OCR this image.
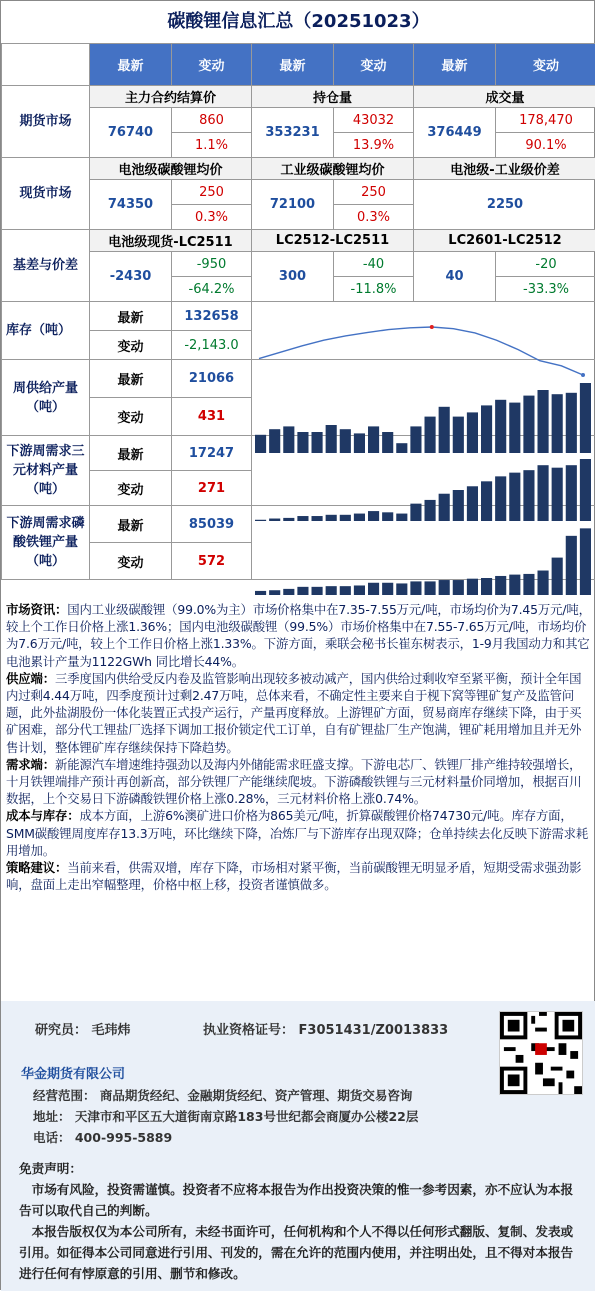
碳酸锂信息汇总（20251023）
	最新	变动	最新	变动	最新	变动
期货市场	主力合约结算价		持仓量		成交量	
	76740	860	353231	43032	376449	178,470
		1.1%		13.9%		90.1%
现货市场	电池级碳酸锂均价		工业级碳酸锂均价		电池级-工业级价差	
	74350	250	72100	250	2250	
		0.3%		0.3%		
基差与价差	电池级现货-LC2511		LC2512-LC2511		LC2601-LC2512	
	-2430	-950	300	-40	40	-20
		-64.2%		-11.8%		-33.3%
库存（吨）	最新	132658				
	变动	-2,143.0				
周供给产量（吨）	最新	21066				
	变动	431				
下游周需求三元材料产量（吨）	最新	17247				
	变动	271				
下游周需求磷酸铁锂产量（吨）	最新	85039				
	变动	572				

市场资讯：国内工业级碳酸锂（99.0%为主）市场价格集中在7.35-7.55万元/吨，市场均价为7.45万元/吨，较上个工作日价格上涨1.36%；国内电池级碳酸锂（99.5%）市场价格集中在7.55-7.65万元/吨，市场均价为7.6万元/吨，较上个工作日价格上涨1.33%。下游方面，乘联会秘书长崔东树表示，1-9月我国动力和其它电池累计产量为1122GWh 同比增长44%。

供应端：三季度国内供给受反内卷及监管影响出现较多被动减产，国内供给过剩收窄至紧平衡，预计全年国内过剩4.44万吨，四季度预计过剩2.47万吨，总体来看，不确定性主要来自于枧下窝等锂矿复产及监管问题，此外盐湖股份一体化装置正式投产运行，产量再度释放。上游锂矿方面，贸易商库存继续下降，由于买矿困难，部分代工锂盐厂选择下调加工报价锁定代工订单，自有矿锂盐厂生产饱满，锂矿耗用增加且并无外售计划，整体锂矿库存继续保持下降趋势。

需求端：新能源汽车增速维持强劲以及海内外储能需求旺盛支撑。下游电芯厂、铁锂厂排产维持较强增长，十月铁锂端排产预计再创新高，部分铁锂厂产能继续爬坡。下游磷酸铁锂与三元材料量价同增加，根据百川数据，上个交易日下游磷酸铁锂价格上涨0.28%，三元材料价格上涨0.74%。

成本与库存：成本方面，上游6%澳矿进口价格为865美元/吨，折算碳酸锂价格74730元/吨。库存方面，SMM碳酸锂周度库存13.3万吨，环比继续下降，冶炼厂与下游库存出现双降；仓单持续去化反映下游需求耗用增加。

策略建议：当前来看，供需双增，库存下降，市场相对紧平衡，当前碳酸锂无明显矛盾，短期受需求强劲影响，盘面上走出窄幅整理，价格中枢上移，投资者谨慎做多。

研究员： 毛玮炜	执业资格证号： F3051431/Z0013833
华金期货有限公司
经营范围： 商品期货经纪、金融期货经纪、资产管理、期货交易咨询
地址： 天津市和平区五大道街南京路183号世纪都会商厦办公楼22层
电话： 400-995-5889
免责声明：
市场有风险，投资需谨慎。投资者不应将本报告为作出投资决策的惟一参考因素，亦不应认为本报告可以取代自己的判断。
本报告版权仅为本公司所有，未经书面许可，任何机构和个人不得以任何形式翻版、复制、发表或引用。如征得本公司同意进行引用、刊发的，需在允许的范围内使用，并注明出处，且不得对本报告进行任何有悖原意的引用、删节和修改。
